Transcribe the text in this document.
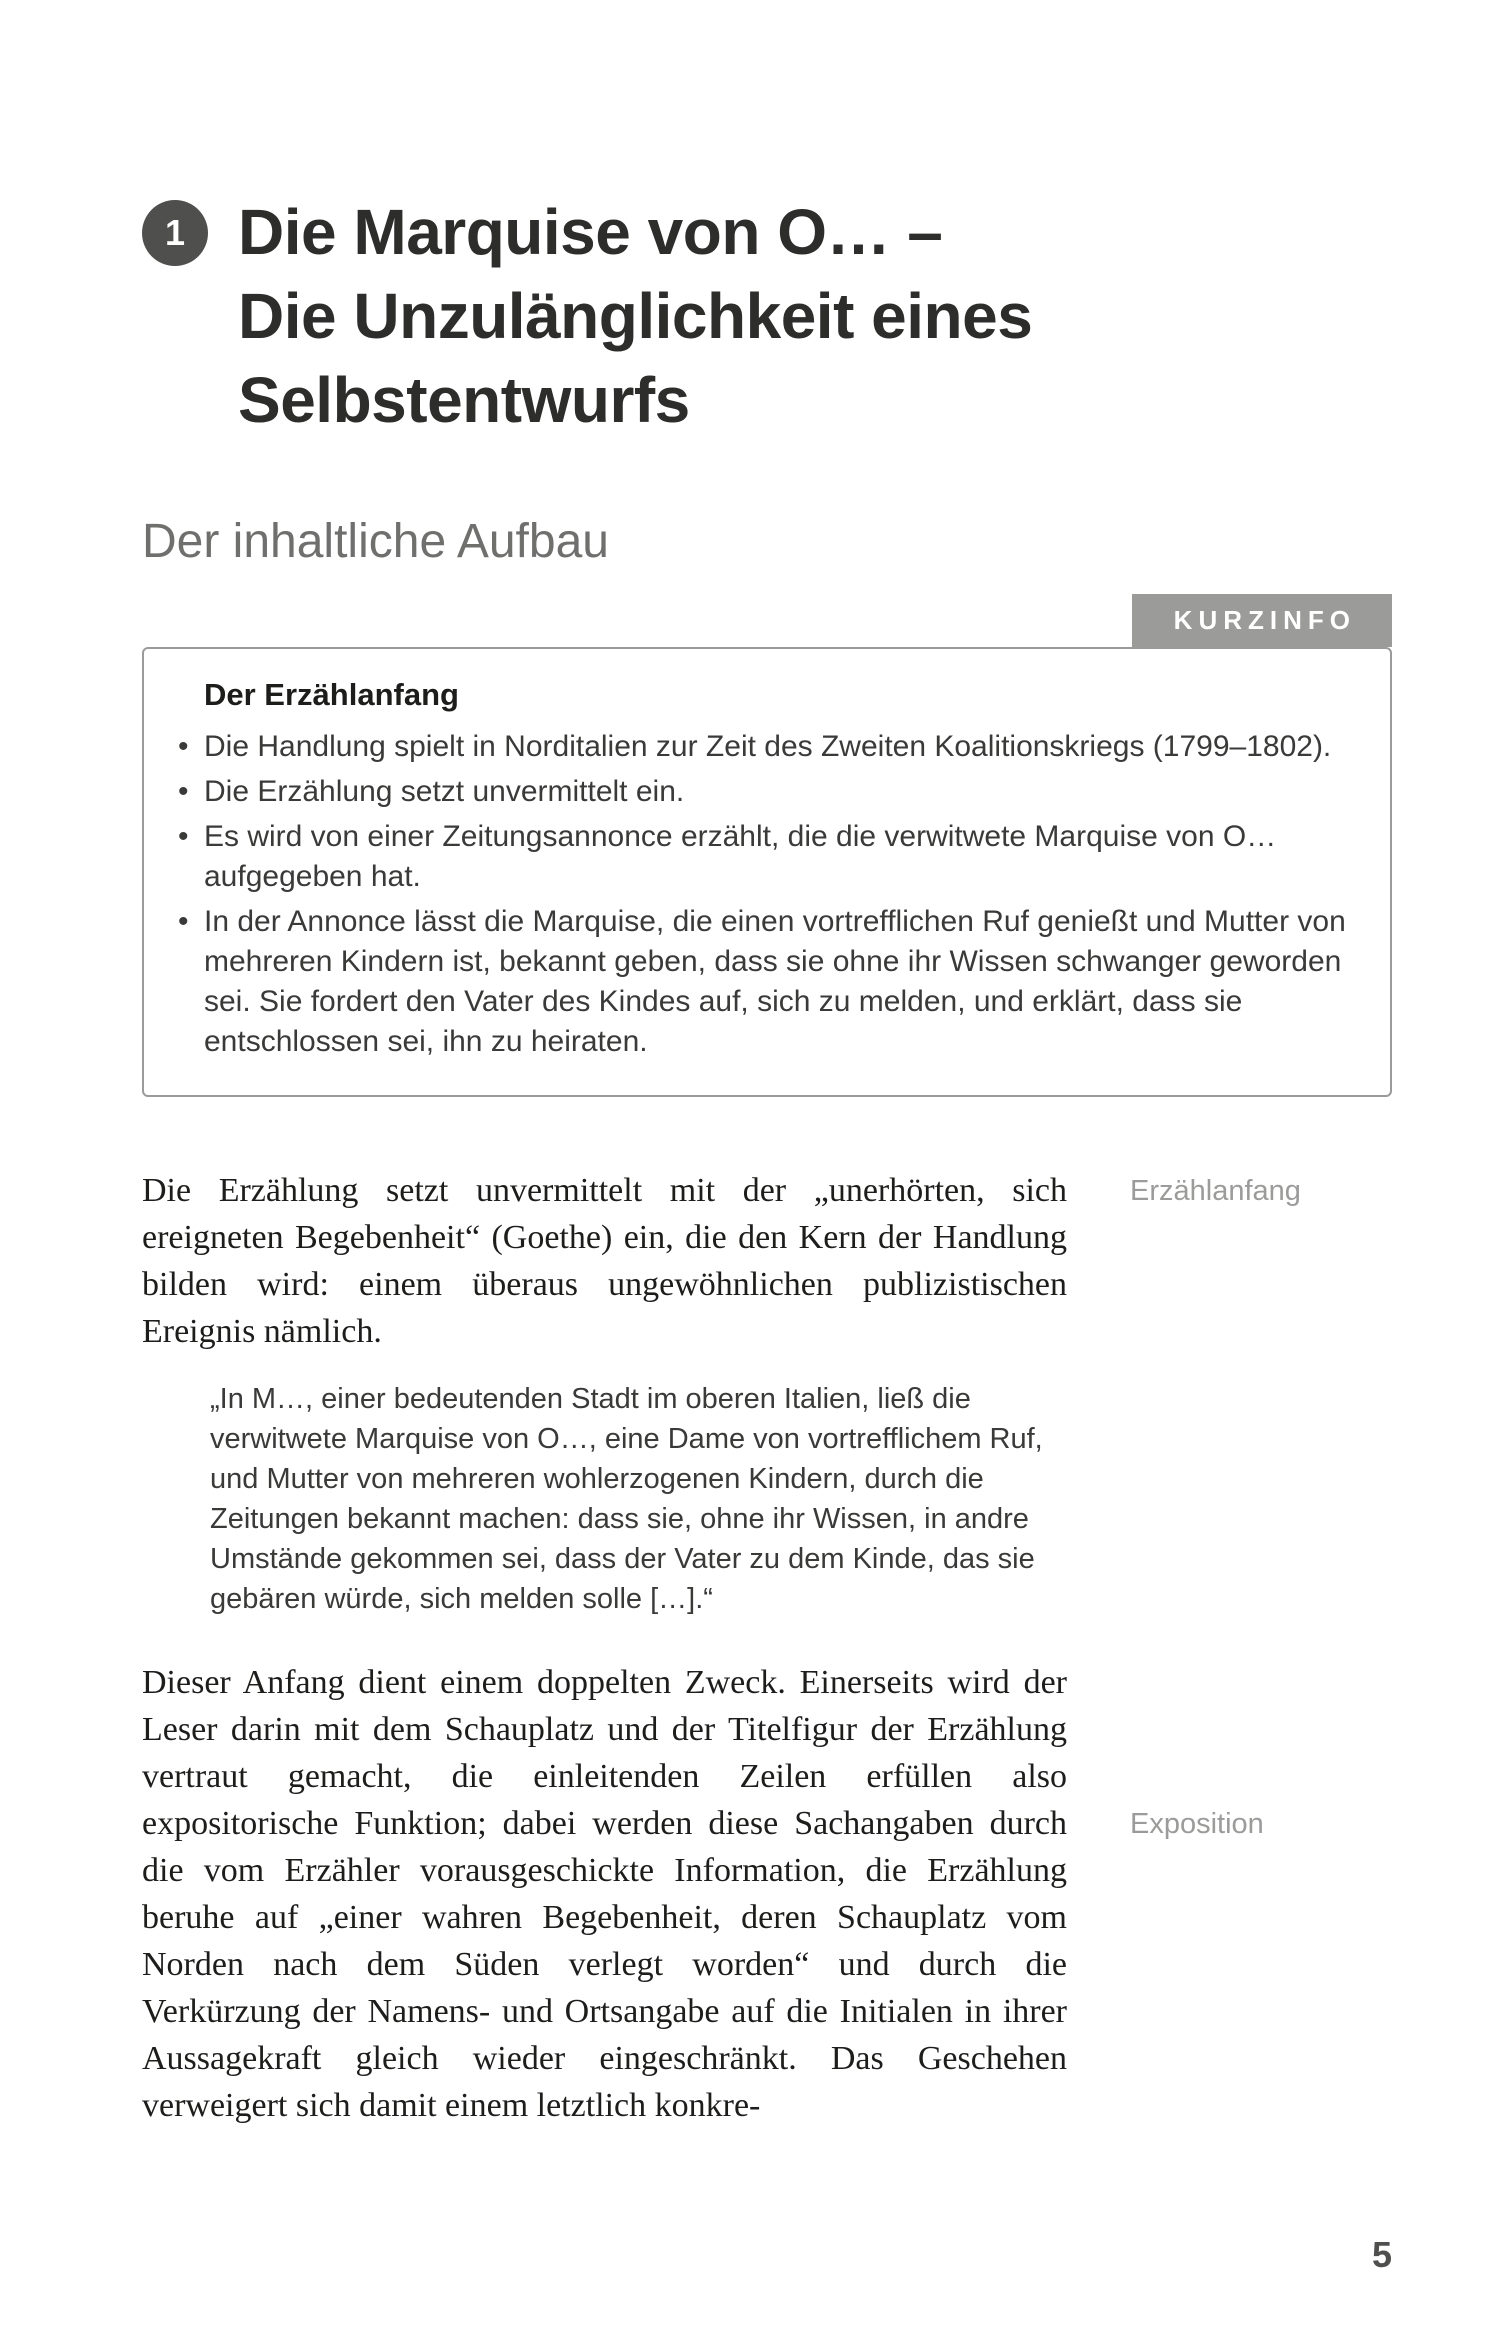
1 Die Marquise von O… –
Die Unzulänglichkeit eines
Selbstentwurfs
Der inhaltliche Aufbau
KURZINFO
Der Erzählanfang
• Die Handlung spielt in Norditalien zur Zeit des Zweiten Koalitionskriegs (1799–1802).
• Die Erzählung setzt unvermittelt ein.
• Es wird von einer Zeitungsannonce erzählt, die die verwitwete Marquise von O… aufgegeben hat.
• In der Annonce lässt die Marquise, die einen vortrefflichen Ruf genießt und Mutter von mehreren Kindern ist, bekannt geben, dass sie ohne ihr Wissen schwanger geworden sei. Sie fordert den Vater des Kindes auf, sich zu melden, und erklärt, dass sie entschlossen sei, ihn zu heiraten.

Die Erzählung setzt unvermittelt mit der „unerhörten, sich ereigneten Begebenheit“ (Goethe) ein, die den Kern der Handlung bilden wird: einem überaus ungewöhnlichen publizistischen Ereignis nämlich.

Erzählanfang
„In M…, einer bedeutenden Stadt im oberen Italien, ließ die verwitwete Marquise von O…, eine Dame von vortrefflichem Ruf, und Mutter von mehreren wohlerzogenen Kindern, durch die Zeitungen bekannt machen: dass sie, ohne ihr Wissen, in andre Umstände gekommen sei, dass der Vater zu dem Kinde, das sie gebären würde, sich melden solle […].“

Dieser Anfang dient einem doppelten Zweck. Einerseits wird der Leser darin mit dem Schauplatz und der Titelfigur der Erzählung vertraut gemacht, die einleitenden Zeilen erfüllen also expositorische Funktion; dabei werden diese Sachangaben durch die vom Erzähler vorausgeschickte Information, die Erzählung beruhe auf „einer wahren Begebenheit, deren Schauplatz vom Norden nach dem Süden verlegt worden“ und durch die Verkürzung der Namens- und Ortsangabe auf die Initialen in ihrer Aussagekraft gleich wieder eingeschränkt. Das Geschehen verweigert sich damit einem letztlich konkre-

Exposition
5
